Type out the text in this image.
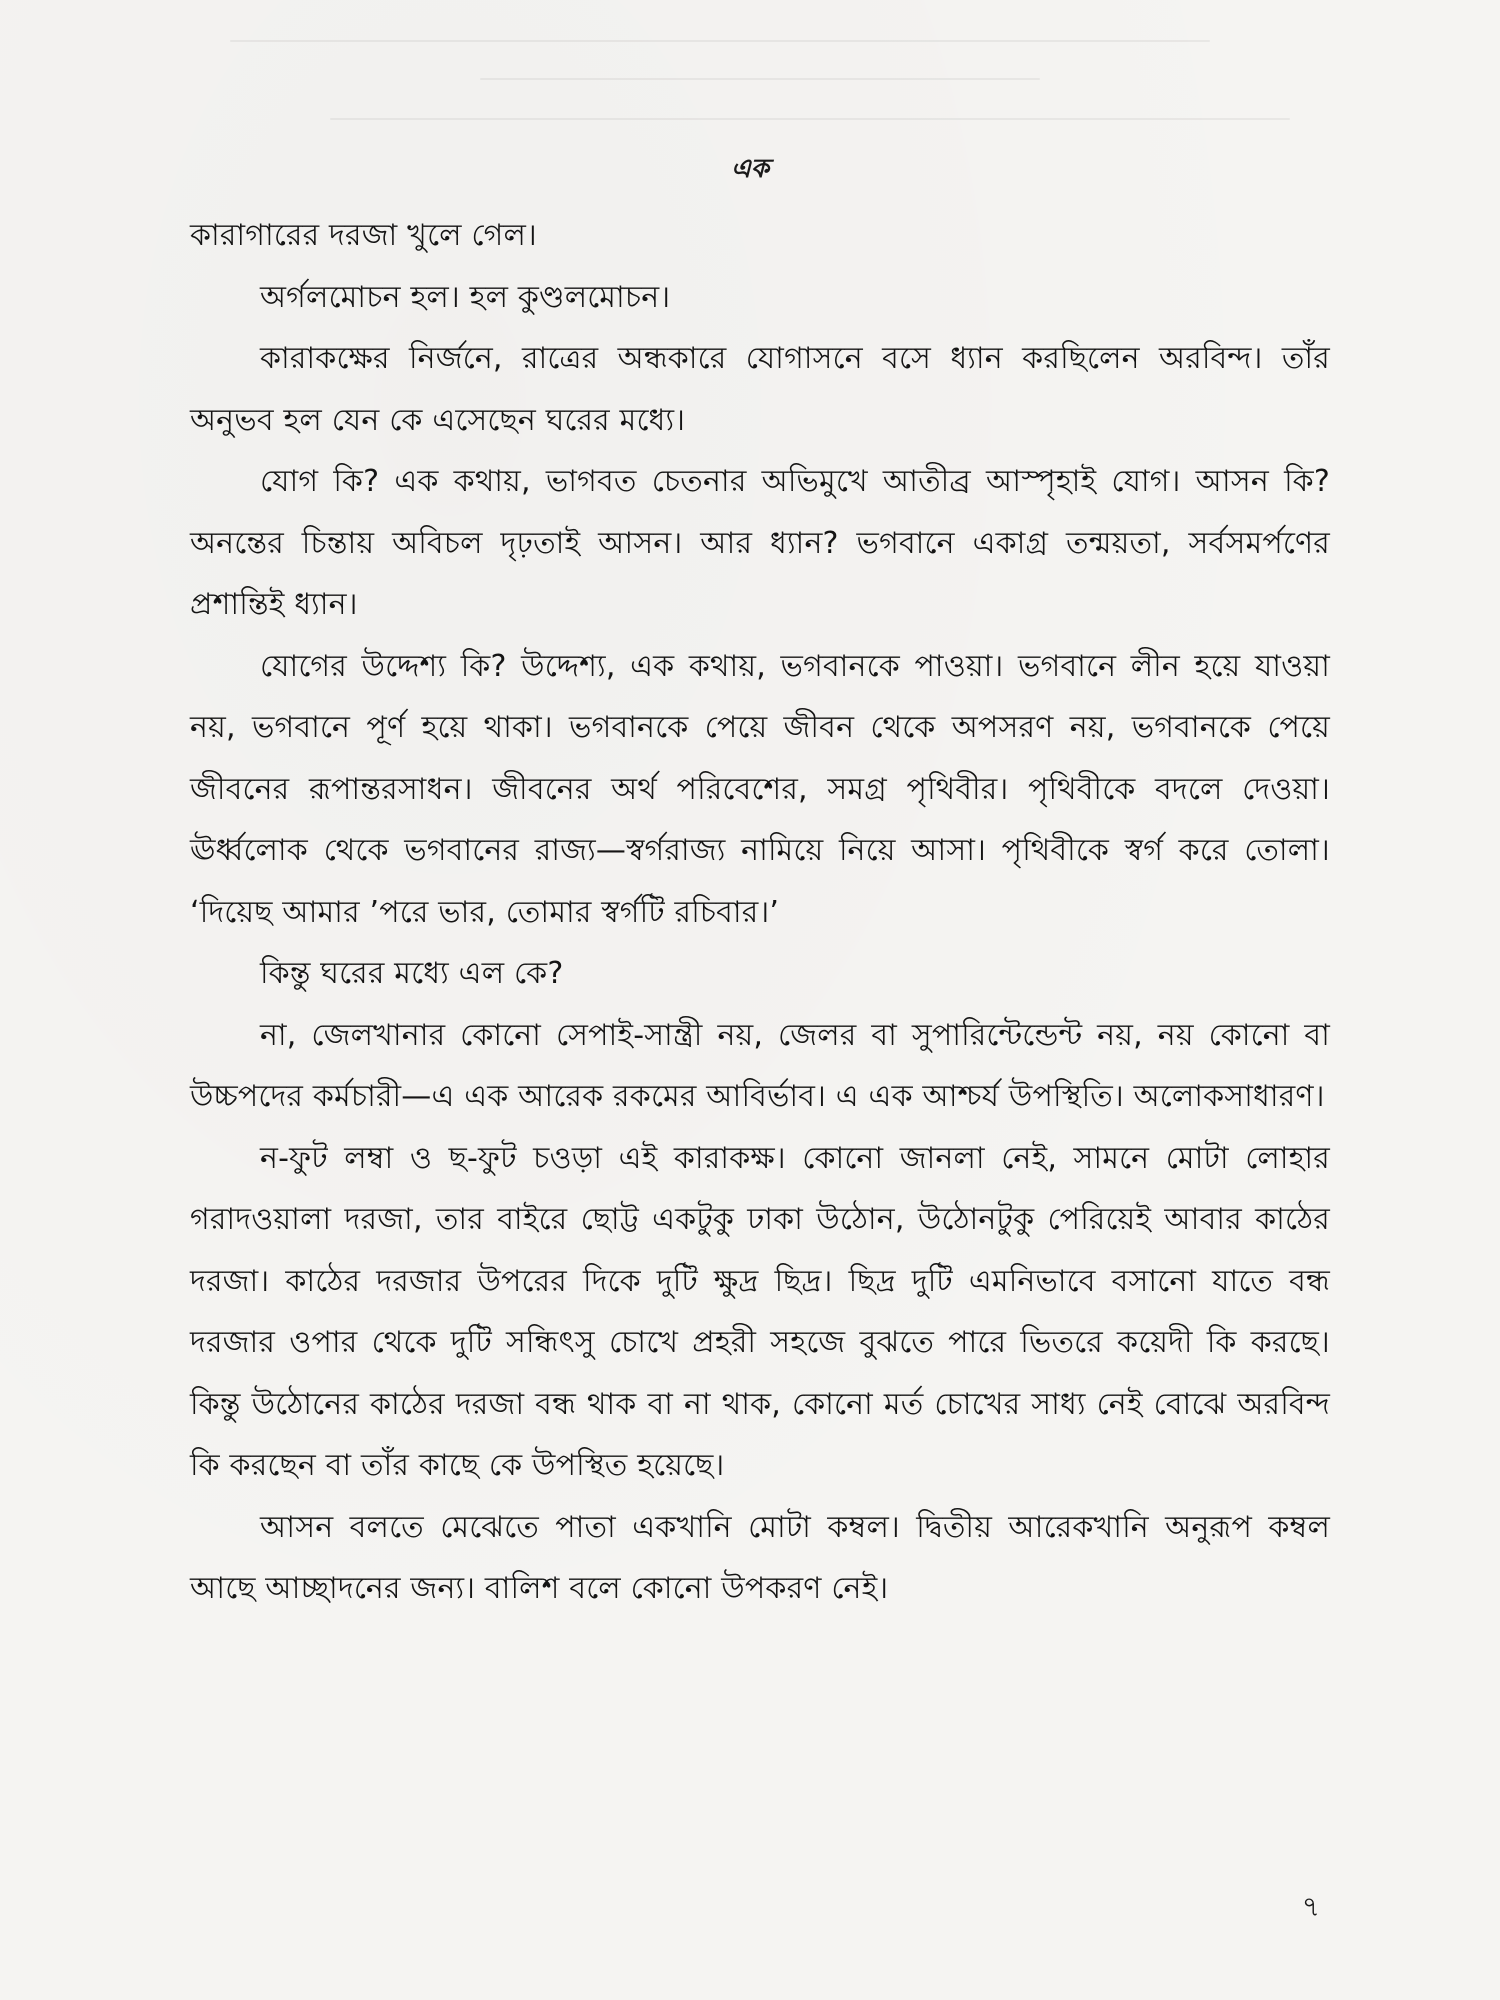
এক

কারাগারের দরজা খুলে গেল।

অর্গলমোচন হল। হল কুণ্ডলমোচন।

কারাকক্ষের নির্জনে, রাত্রের অন্ধকারে যোগাসনে বসে ধ্যান করছিলেন অরবিন্দ। তাঁর অনুভব হল যেন কে এসেছেন ঘরের মধ্যে।

যোগ কি? এক কথায়, ভাগবত চেতনার অভিমুখে আতীব্র আস্পৃহাই যোগ। আসন কি? অনন্তের চিন্তায় অবিচল দৃঢ়তাই আসন। আর ধ্যান? ভগবানে একাগ্র তন্ময়তা, সর্বসমর্পণের প্রশান্তিই ধ্যান।

যোগের উদ্দেশ্য কি? উদ্দেশ্য, এক কথায়, ভগবানকে পাওয়া। ভগবানে লীন হয়ে যাওয়া নয়, ভগবানে পূর্ণ হয়ে থাকা। ভগবানকে পেয়ে জীবন থেকে অপসরণ নয়, ভগবানকে পেয়ে জীবনের রূপান্তরসাধন। জীবনের অর্থ পরিবেশের, সমগ্র পৃথিবীর। পৃথিবীকে বদলে দেওয়া। ঊর্ধ্বলোক থেকে ভগবানের রাজ্য—স্বর্গরাজ্য নামিয়ে নিয়ে আসা। পৃথিবীকে স্বর্গ করে তোলা। ‘দিয়েছ আমার ’পরে ভার, তোমার স্বর্গটি রচিবার।’

কিন্তু ঘরের মধ্যে এল কে?

না, জেলখানার কোনো সেপাই-সান্ত্রী নয়, জেলর বা সুপারিন্টেন্ডেন্ট নয়, নয় কোনো বা উচ্চপদের কর্মচারী—এ এক আরেক রকমের আবির্ভাব। এ এক আশ্চর্য উপস্থিতি। অলোকসাধারণ।

ন-ফুট লম্বা ও ছ-ফুট চওড়া এই কারাকক্ষ। কোনো জানলা নেই, সামনে মোটা লোহার গরাদওয়ালা দরজা, তার বাইরে ছোট্ট একটুকু ঢাকা উঠোন, উঠোনটুকু পেরিয়েই আবার কাঠের দরজা। কাঠের দরজার উপরের দিকে দুটি ক্ষুদ্র ছিদ্র। ছিদ্র দুটি এমনিভাবে বসানো যাতে বন্ধ দরজার ওপার থেকে দুটি সন্ধিৎসু চোখে প্রহরী সহজে বুঝতে পারে ভিতরে কয়েদী কি করছে। কিন্তু উঠোনের কাঠের দরজা বন্ধ থাক বা না থাক, কোনো মর্ত চোখের সাধ্য নেই বোঝে অরবিন্দ কি করছেন বা তাঁর কাছে কে উপস্থিত হয়েছে।

আসন বলতে মেঝেতে পাতা একখানি মোটা কম্বল। দ্বিতীয় আরেকখানি অনুরূপ কম্বল আছে আচ্ছাদনের জন্য। বালিশ বলে কোনো উপকরণ নেই।

৭
